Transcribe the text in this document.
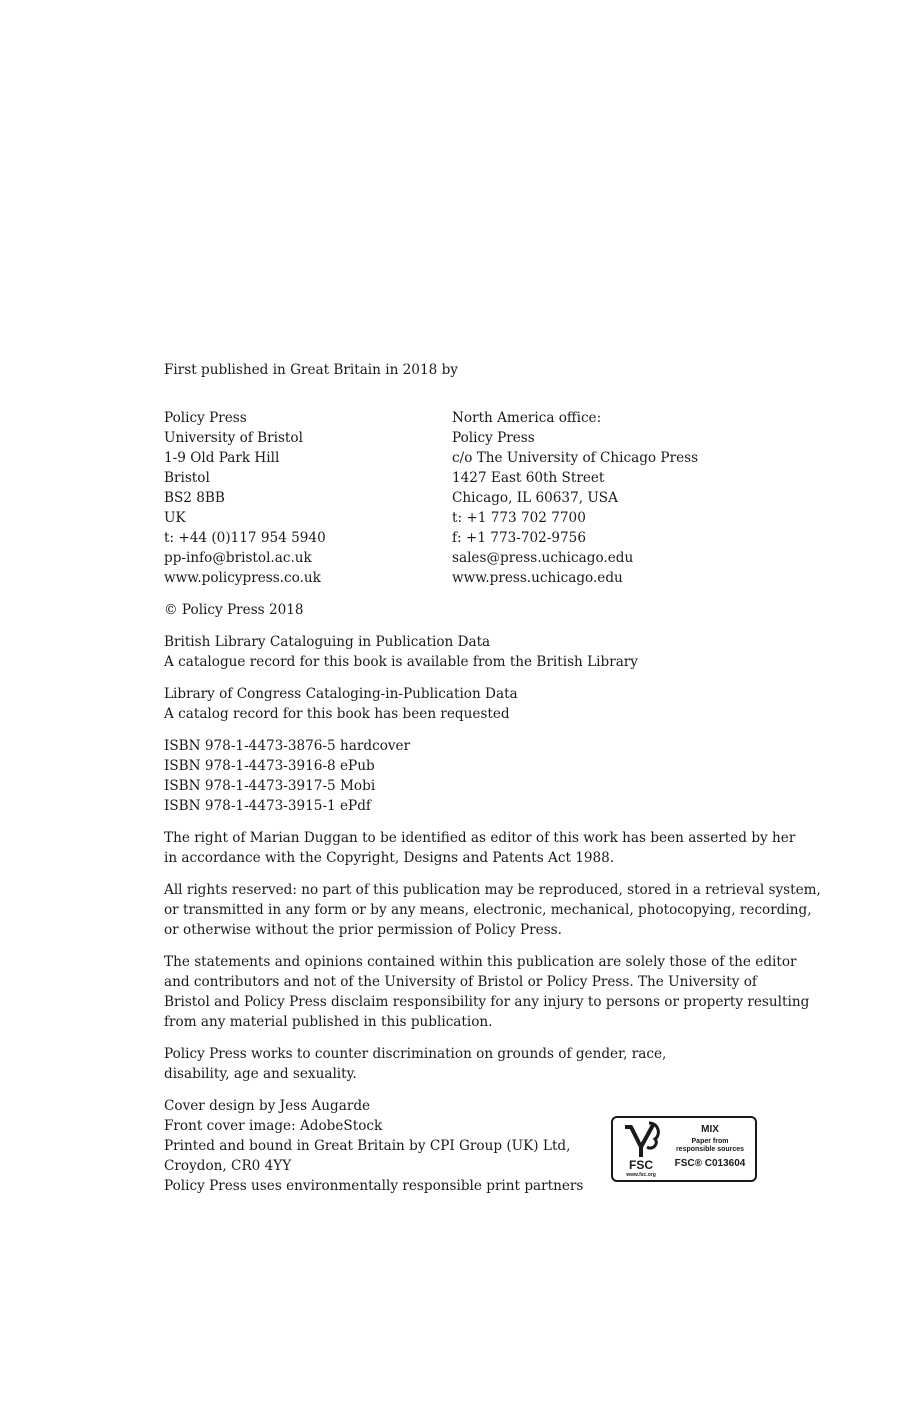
First published in Great Britain in 2018 by
Policy Press
University of Bristol
1-9 Old Park Hill
Bristol
BS2 8BB
UK
t: +44 (0)117 954 5940
pp-info@bristol.ac.uk
www.policypress.co.uk
North America office:
Policy Press
c/o The University of Chicago Press
1427 East 60th Street
Chicago, IL 60637, USA
t: +1 773 702 7700
f: +1 773-702-9756
sales@press.uchicago.edu
www.press.uchicago.edu
© Policy Press 2018
British Library Cataloguing in Publication Data
A catalogue record for this book is available from the British Library
Library of Congress Cataloging-in-Publication Data
A catalog record for this book has been requested
ISBN 978-1-4473-3876-5 hardcover
ISBN 978-1-4473-3916-8 ePub
ISBN 978-1-4473-3917-5 Mobi
ISBN 978-1-4473-3915-1 ePdf
The right of Marian Duggan to be identified as editor of this work has been asserted by her
in accordance with the Copyright, Designs and Patents Act 1988.
All rights reserved: no part of this publication may be reproduced, stored in a retrieval system,
or transmitted in any form or by any means, electronic, mechanical, photocopying, recording,
or otherwise without the prior permission of Policy Press.
The statements and opinions contained within this publication are solely those of the editor
and contributors and not of the University of Bristol or Policy Press. The University of
Bristol and Policy Press disclaim responsibility for any injury to persons or property resulting
from any material published in this publication.
Policy Press works to counter discrimination on grounds of gender, race,
disability, age and sexuality.
Cover design by Jess Augarde
Front cover image: AdobeStock
Printed and bound in Great Britain by CPI Group (UK) Ltd,
Croydon, CR0 4YY
Policy Press uses environmentally responsible print partners
FSC
www.fsc.org
MIX
Paper from
responsible sources
FSC® C013604
